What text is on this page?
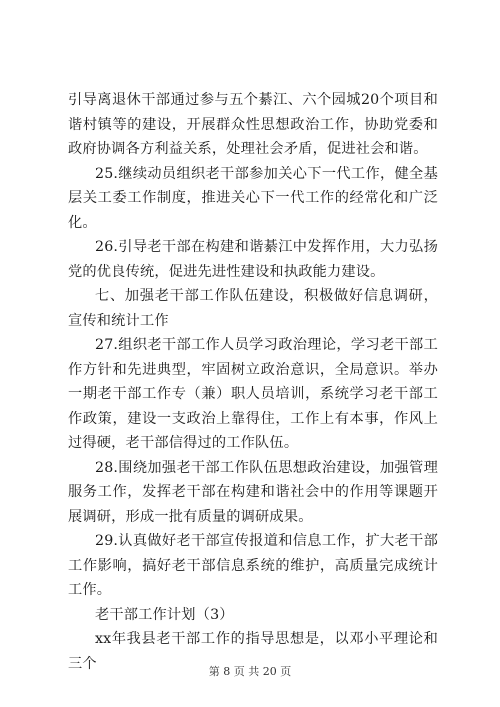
引导离退休干部通过参与五个綦江、六个园城20个项目和谐村镇等的建设，开展群众性思想政治工作，协助党委和政府协调各方利益关系，处理社会矛盾，促进社会和谐。

25.继续动员组织老干部参加关心下一代工作，健全基层关工委工作制度，推进关心下一代工作的经常化和广泛化。

26.引导老干部在构建和谐綦江中发挥作用，大力弘扬党的优良传统，促进先进性建设和执政能力建设。

七、加强老干部工作队伍建设，积极做好信息调研，宣传和统计工作

27.组织老干部工作人员学习政治理论，学习老干部工作方针和先进典型，牢固树立政治意识，全局意识。举办一期老干部工作专（兼）职人员培训，系统学习老干部工作政策，建设一支政治上靠得住，工作上有本事，作风上过得硬，老干部信得过的工作队伍。

28.围绕加强老干部工作队伍思想政治建设，加强管理服务工作，发挥老干部在构建和谐社会中的作用等课题开展调研，形成一批有质量的调研成果。

29.认真做好老干部宣传报道和信息工作，扩大老干部工作影响，搞好老干部信息系统的维护，高质量完成统计工作。

老干部工作计划（3）

xx年我县老干部工作的指导思想是，以邓小平理论和三个	第 8 页 共 20 页
